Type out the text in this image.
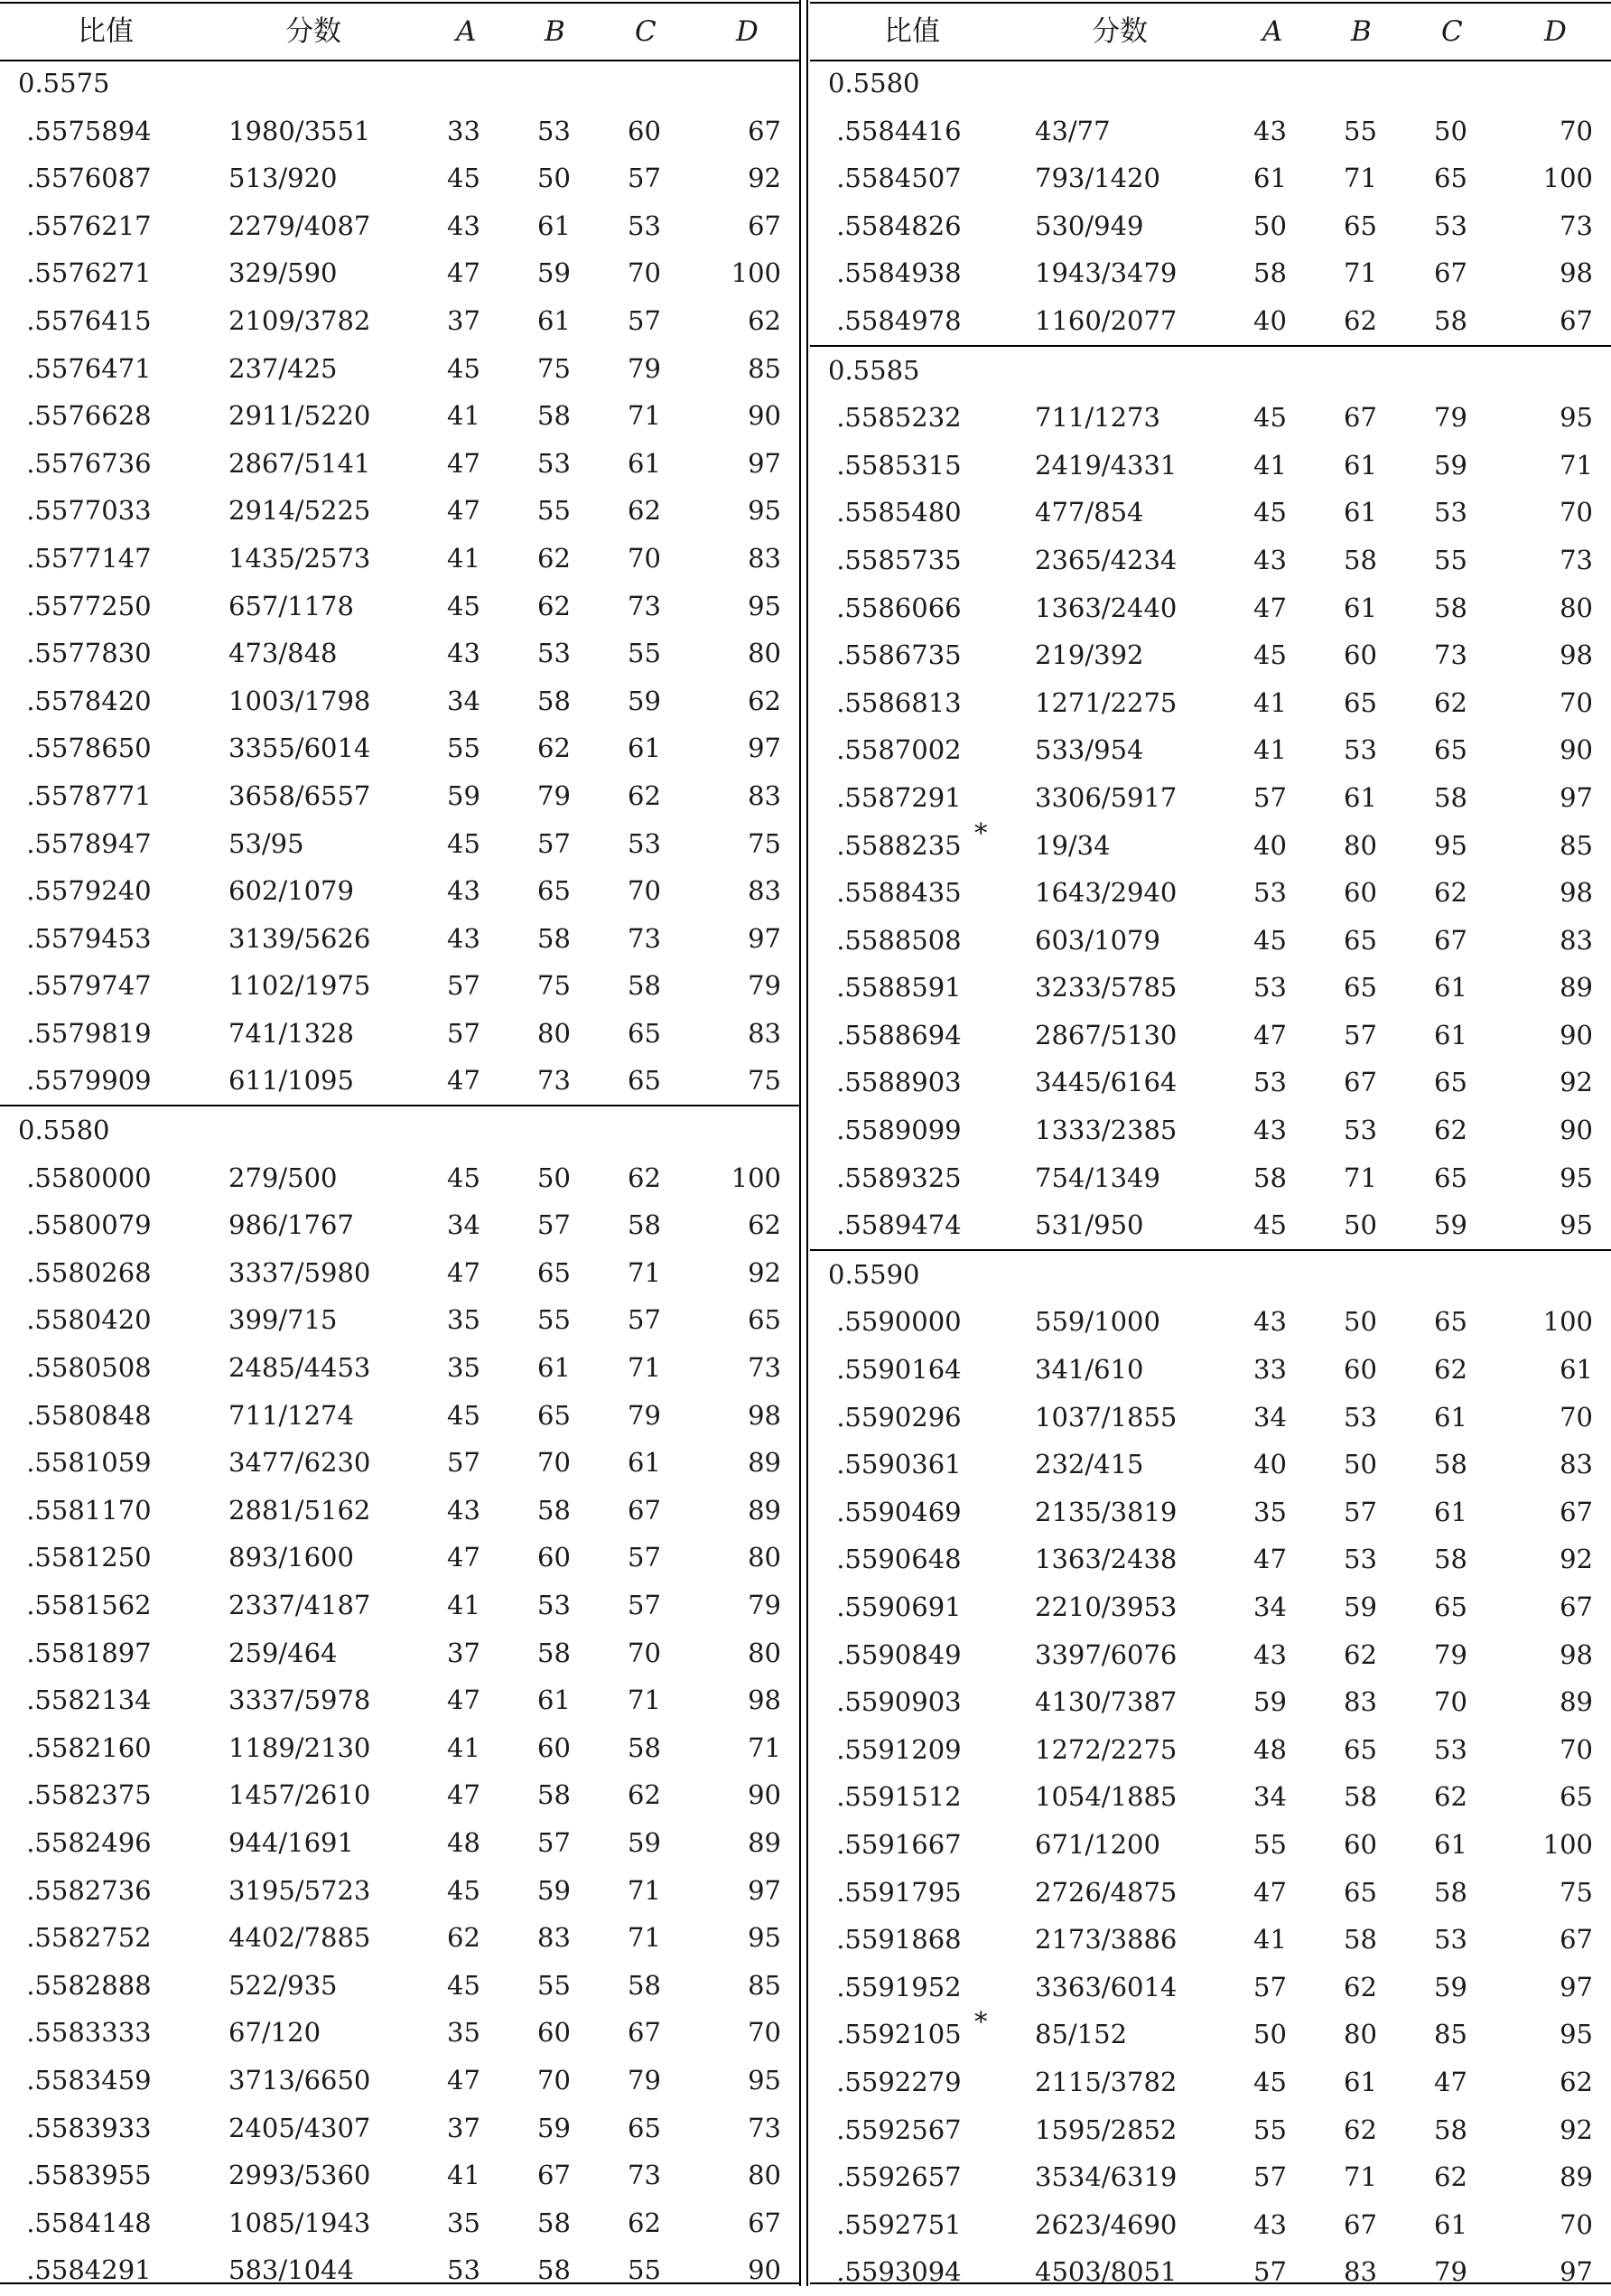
比值	分数	A B C	D
0.5575
.5575894	1980/3551	33 53 60	67
.5576087	513/920	45 50 57	92
.5576217	2279/4087	43 61 53	67
.5576271	329/590	47 59 70	100
.5576415	2109/3782	37 61 57	62
.5576471	237/425	45 75 79	85
.5576628	2911/5220	41 58 71	90
.5576736	2867/5141	47 53 61	97
.5577033	2914/5225	47 55 62	95
.5577147	1435/2573	41 62 70	83
.5577250	657/1178	45 62 73	95
.5577830	473/848	43 53 55	80
.5578420	1003/1798	34 58 59	62
.5578650	3355/6014	55 62 61	97
.5578771	3658/6557	59 79 62	83
.5578947	53/95	45 57 53	75
.5579240	602/1079	43 65 70	83
.5579453	3139/5626	43 58 73	97
.5579747	1102/1975	57 75 58	79
.5579819	741/1328	57 80 65	83
.5579909	611/1095	47 73 65	75
0.5580
.5580000	279/500	45 50 62	100
.5580079	986/1767	34 57 58	62
.5580268	3337/5980	47 65 71	92
.5580420	399/715	35 55 57	65
.5580508	2485/4453	35 61 71	73
.5580848	711/1274	45 65 79	98
.5581059	3477/6230	57 70 61	89
.5581170	2881/5162	43 58 67	89
.5581250	893/1600	47 60 57	80
.5581562	2337/4187	41 53 57	79
.5581897	259/464	37 58 70	80
.5582134	3337/5978	47 61 71	98
.5582160	1189/2130	41 60 58	71
.5582375	1457/2610	47 58 62	90
.5582496	944/1691	48 57 59	89
.5582736	3195/5723	45 59 71	97
.5582752	4402/7885	62 83 71	95
.5582888	522/935	45 55 58	85
.5583333	67/120	35 60 67	70
.5583459	3713/6650	47 70 79	95
.5583933	2405/4307	37 59 65	73
.5583955	2993/5360	41 67 73	80
.5584148	1085/1943	35 58 62	67
.5584291	583/1044	53 58 55	90
比值	分数	A B C	D
0.5580
.5584416	43/77	43 55 50	70
.5584507	793/1420	61 71 65	100
.5584826	530/949	50 65 53	73
.5584938	1943/3479	58 71 67	98
.5584978	1160/2077	40 62 58	67
0.5585
.5585232	711/1273	45 67 79	95
.5585315	2419/4331	41 61 59	71
.5585480	477/854	45 61 53	70
.5585735	2365/4234	43 58 55	73
.5586066	1363/2440	47 61 58	80
.5586735	219/392	45 60 73	98
.5586813	1271/2275	41 65 62	70
.5587002	533/954	41 53 65	90
.5587291	3306/5917	57 61 58	97
.5588235 * 19/34	40 80 95	85
.5588435	1643/2940	53 60 62	98
.5588508	603/1079	45 65 67	83
.5588591	3233/5785	53 65 61	89
.5588694	2867/5130	47 57 61	90
.5588903	3445/6164	53 67 65	92
.5589099	1333/2385	43 53 62	90
.5589325	754/1349	58 71 65	95
.5589474	531/950	45 50 59	95
0.5590
.5590000	559/1000	43 50 65	100
.5590164	341/610	33 60 62	61
.5590296	1037/1855	34 53 61	70
.5590361	232/415	40 50 58	83
.5590469	2135/3819	35 57 61	67
.5590648	1363/2438	47 53 58	92
.5590691	2210/3953	34 59 65	67
.5590849	3397/6076	43 62 79	98
.5590903	4130/7387	59 83 70	89
.5591209	1272/2275	48 65 53	70
.5591512	1054/1885	34 58 62	65
.5591667	671/1200	55 60 61	100
.5591795	2726/4875	47 65 58	75
.5591868	2173/3886	41 58 53	67
.5591952	3363/6014	57 62 59	97
.5592105 * 85/152	50 80 85	95
.5592279	2115/3782	45 61 47	62
.5592567	1595/2852	55 62 58	92
.5592657	3534/6319	57 71 62	89
.5592751	2623/4690	43 67 61	70
.5593094	4503/8051	57 83 79	97
